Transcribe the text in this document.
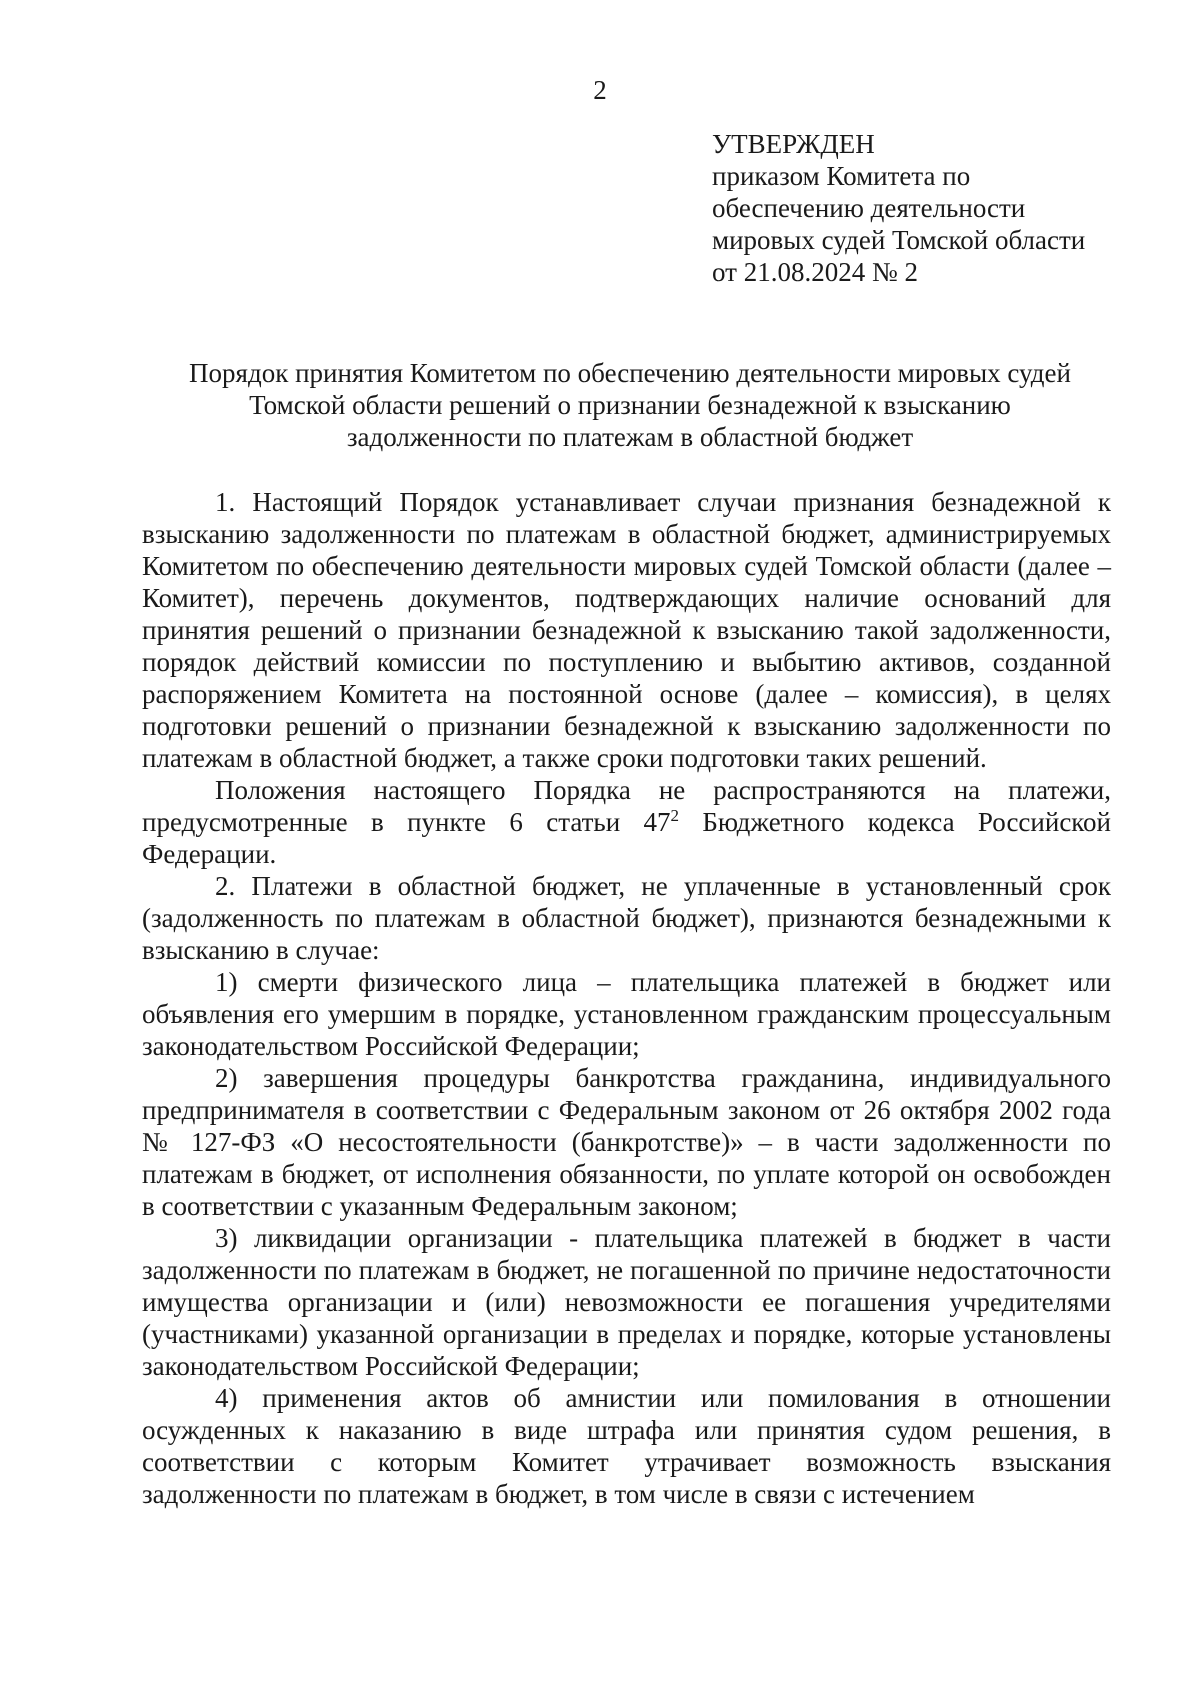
2
УТВЕРЖДЕН
приказом Комитета по
обеспечению деятельности
мировых судей Томской области
от 21.08.2024 № 2
Порядок принятия Комитетом по обеспечению деятельности мировых судей
Томской области решений о признании безнадежной к взысканию
задолженности по платежам в областной бюджет

1. Настоящий Порядок устанавливает случаи признания безнадежной к взысканию задолженности по платежам в областной бюджет, администрируемых Комитетом по обеспечению деятельности мировых судей Томской области (далее – Комитет), перечень документов, подтверждающих наличие оснований для принятия решений о признании безнадежной к взысканию такой задолженности, порядок действий комиссии по поступлению и выбытию активов, созданной распоряжением Комитета на постоянной основе (далее – комиссия), в целях подготовки решений о признании безнадежной к взысканию задолженности по платежам в областной бюджет, а также сроки подготовки таких решений.

Положения настоящего Порядка не распространяются на платежи, предусмотренные в пункте 6 статьи $47^2$ Бюджетного кодекса Российской Федерации.

2. Платежи в областной бюджет, не уплаченные в установленный срок (задолженность по платежам в областной бюджет), признаются безнадежными к взысканию в случае:

1) смерти физического лица – плательщика платежей в бюджет или объявления его умершим в порядке, установленном гражданским процессуальным законодательством Российской Федерации;

2) завершения процедуры банкротства гражданина, индивидуального предпринимателя в соответствии с Федеральным законом от 26 октября 2002 года № 127-ФЗ «О несостоятельности (банкротстве)» – в части задолженности по платежам в бюджет, от исполнения обязанности, по уплате которой он освобожден в соответствии с указанным Федеральным законом;

3) ликвидации организации - плательщика платежей в бюджет в части задолженности по платежам в бюджет, не погашенной по причине недостаточности имущества организации и (или) невозможности ее погашения учредителями (участниками) указанной организации в пределах и порядке, которые установлены законодательством Российской Федерации;

4) применения актов об амнистии или помилования в отношении осужденных к наказанию в виде штрафа или принятия судом решения, в соответствии с которым Комитет утрачивает возможность взыскания задолженности по платежам в бюджет, в том числе в связи с истечением
